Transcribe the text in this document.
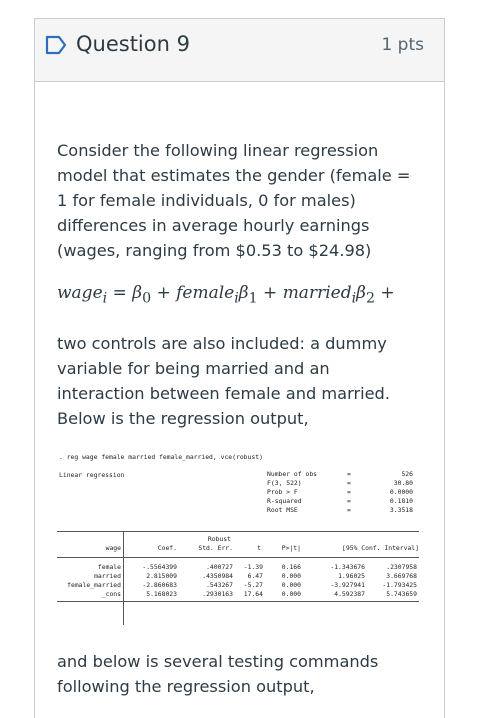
Question 9	1 pts

Consider the following linear regression model that estimates the gender (female = 1 for female individuals, 0 for males) differences in average hourly earnings (wages, ranging from $0.53 to $24.98)

wage$_i$ = $\beta_0$ + $female_i\beta_1$ + $married_i\beta_2$ +

two controls are also included: a dummy variable for being married and an interaction between female and married. Below is the regression output,

. reg wage female married female_married, vce(robust)
Linear regression	Number of obs	=	526
F(3, 522)	=	30.80
Prob > F	=	0.0000
R-squared	=	0.1810
Root MSE	=	3.3518
Robust
wage	Coef.	Std. Err.	t	P>|t|	[95% Conf. Interval]
female	-.5564399	.400727	-1.39	0.166	-1.343676	.2307958
married	2.815009	.4350984	6.47	0.000	1.96025	3.669768
female_married	-2.860683	.543267	-5.27	0.000	-3.927941	-1.793425
_cons	5.168023	.2930163	17.64	0.000	4.592387	5.743659

and below is several testing commands following the regression output,
